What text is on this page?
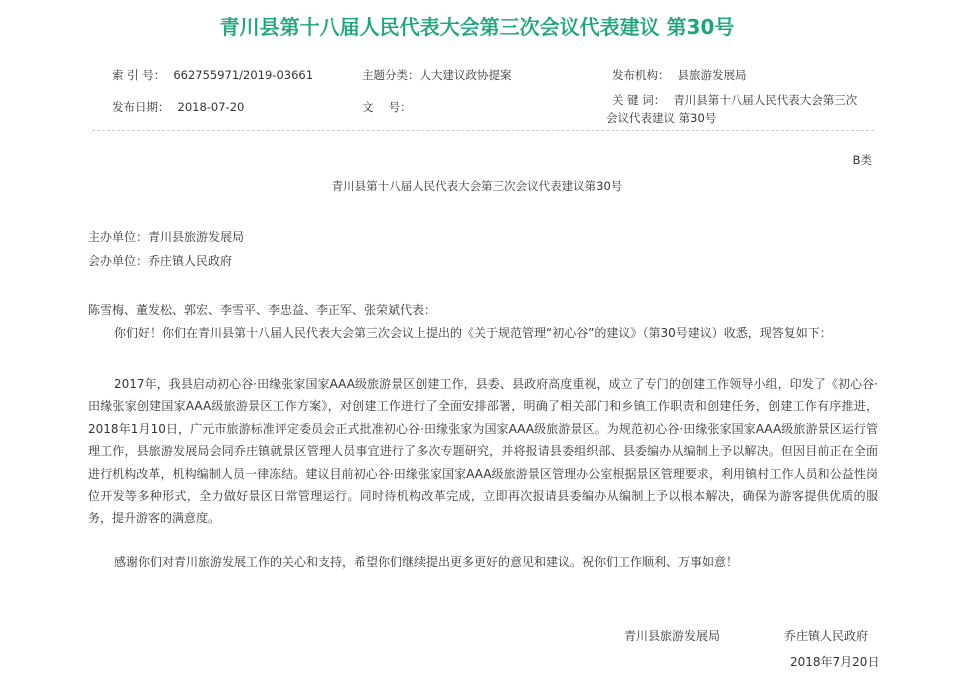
青川县第十八届人民代表大会第三次会议代表建议 第30号
索 引 号： 662755971/2019-03661	主题分类：人大建议政协提案	发布机构： 县旅游发展局
发布日期： 2018-07-20	文　 号：	关 键 词： 青川县第十八届人民代表大会第三次会议代表建议 第30号
B类
青川县第十八届人民代表大会第三次会议代表建议第30号
主办单位：青川县旅游发展局
会办单位：乔庄镇人民政府
陈雪梅、董发松、郭宏、李雪平、李忠益、李正军、张荣斌代表：

你们好！你们在青川县第十八届人民代表大会第三次会议上提出的《关于规范管理“初心谷”的建议》（第30号建议）收悉，现答复如下：

2017年，我县启动初心谷·田缘张家国家AAA级旅游景区创建工作，县委、县政府高度重视，成立了专门的创建工作领导小组，印发了《初心谷·田缘张家创建国家AAA级旅游景区工作方案》，对创建工作进行了全面安排部署，明确了相关部门和乡镇工作职责和创建任务，创建工作有序推进，2018年1月10日，广元市旅游标准评定委员会正式批准初心谷·田缘张家为国家AAA级旅游景区。为规范初心谷·田缘张家国家AAA级旅游景区运行管理工作，县旅游发展局会同乔庄镇就景区管理人员事宜进行了多次专题研究，并将报请县委组织部、县委编办从编制上予以解决。但因目前正在全面进行机构改革，机构编制人员一律冻结。建议目前初心谷·田缘张家国家AAA级旅游景区管理办公室根据景区管理要求，利用镇村工作人员和公益性岗位开发等多种形式，全力做好景区日常管理运行。同时待机构改革完成，立即再次报请县委编办从编制上予以根本解决，确保为游客提供优质的服务，提升游客的满意度。

感谢你们对青川旅游发展工作的关心和支持，希望你们继续提出更多更好的意见和建议。祝你们工作顺利、万事如意！

青川县旅游发展局	乔庄镇人民政府
2018年7月20日
